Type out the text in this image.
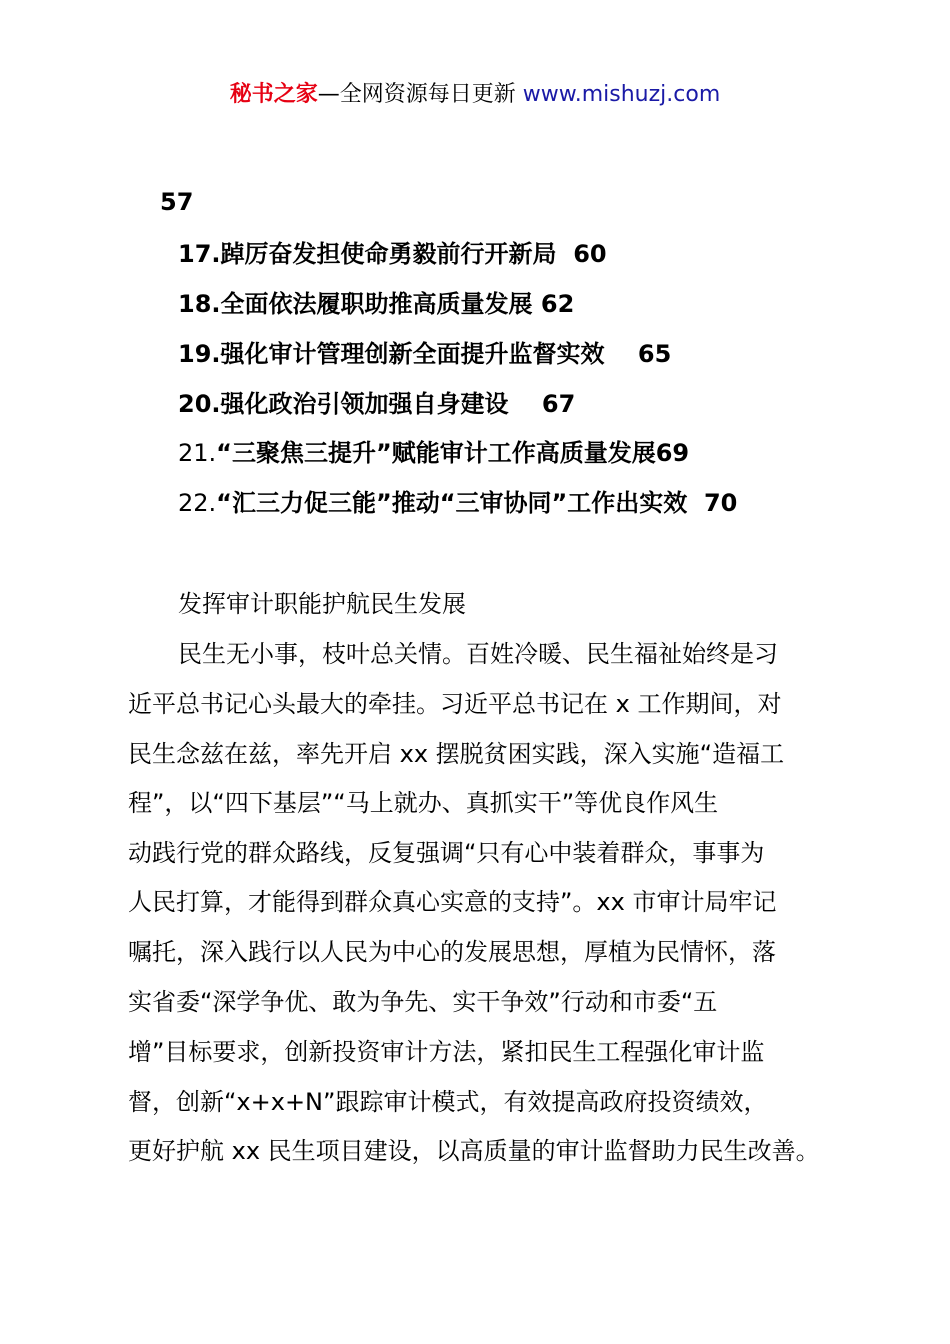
秘书之家—全网资源每日更新 www.mishuzj.com
57
17.踔厉奋发担使命勇毅前行开新局  60
18.全面依法履职助推高质量发展 62
19.强化审计管理创新全面提升监督实效    65
20.强化政治引领加强自身建设    67
21.“三聚焦三提升”赋能审计工作高质量发展69
22.“汇三力促三能”推动“三审协同”工作出实效  70
发挥审计职能护航民生发展
民生无小事，枝叶总关情。百姓冷暖、民生福祉始终是习
近平总书记心头最大的牵挂。习近平总书记在 x 工作期间，对
民生念兹在兹，率先开启 xx 摆脱贫困实践，深入实施“造福工
程”，以“四下基层”“马上就办、真抓实干”等优良作风生
动践行党的群众路线，反复强调“只有心中装着群众，事事为
人民打算，才能得到群众真心实意的支持”。xx 市审计局牢记
嘱托，深入践行以人民为中心的发展思想，厚植为民情怀，落
实省委“深学争优、敢为争先、实干争效”行动和市委“五
增”目标要求，创新投资审计方法，紧扣民生工程强化审计监
督，创新“x+x+N”跟踪审计模式，有效提高政府投资绩效，
更好护航 xx 民生项目建设，以高质量的审计监督助力民生改善。
